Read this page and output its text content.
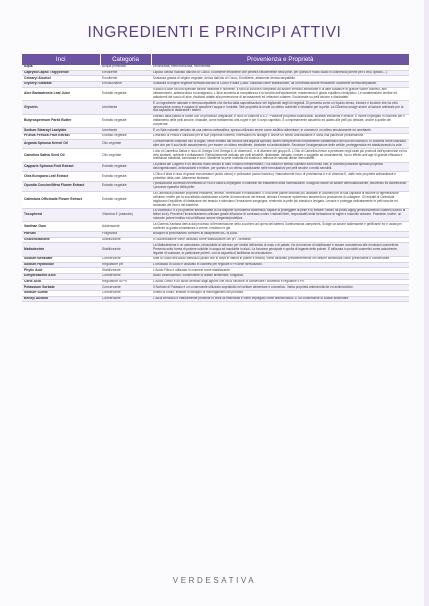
INGREDIENTI E PRINCIPI ATTIVI
Inci	Categoria	Provenienza e Proprietà
Aqua	Acqua purificata	Deionizzata, elettroionizzata, microfiltrata.
Caprylic/Capric Triglyceride	Emolliente	Liquido oleoso ricavato dall'olio di Cocco. Eccellente emolliente che penetra velocemente nella pelle, per questo è molto usato in cosmetica (creme per il viso, lipstick,...).
Cetearyl Alcohol	Emolliente	Sostanza grassa di origine vegetale, deriva dall'olio di Cocco. Emolliente, altamente dermocompatibile.
Glyceryl Stearate	Emulsionante	Sostanza di origine vegetale derivata dall'olio di Cocco e dalla Colza. Utilizzato come stabilizzante, ha un'elevata azione emolliente. Altamente dermocompatibile.
Aloe Barbadensis Leaf Juice	Estratto vegetale	Il succo d'Aloe ha una speciale azione idratante e nutriente, il ricco di zuccheri complessi ad azione immuno-stimolante e di altre sostanze di grande valore nutritivo, anti infiammatorio, antimicrobico ed analgesico. L'Aloe aumenta la compattezza e la tonicità dell'epidermide, mantenendo il giusto equilibrio idrolipidico. Le caratteristiche lenitive ed addolcenti del succo di aloe, risultano adatte alla prevenzione di arrossamenti ed irritazioni cutanee. Ecolzionale su pelli secche e disidratate.
Glycerin	Umettante	È un ingrediente naturale e dermocompatibile che deriva dalla saponificazione dei trigliceridi degli oli vegetali. Si presenta come un liquido denso, inodore e incolore che ha virtù igroscopiche ovvero è capace di assorbire l'acqua e l'umidità. Tale proprietà la rende un ottimo nutriente e idratante per la pelle. La Glicerina svolge anche un'azione antivirale per la sua capacità di disidratare i batteri.
Butyrospermum Parkii Butter	Estratto vegetale	Estratto dalla pianta di Karitè con un processo artigianale, è ricco di vitamine A-E-F. Possiede proprietà cicatrizzanti, idratanti emollienti e lenitive. È inoltre impiegato in cosmesi per il trattamento delle pelli secche, rilassate, come trattamento anti-rughe e per il corpo capelluto. È completamente assorbito ed adatto alle pelli più delicate, anche a quelle del cuoperose.
Sodium Stearoyl Lactylate	Umettante	È un Sale naturale derivato da una catena carbossilica; spesso utilizzato anche come additivo alimentare; in cosmesi è un ottimo emulsionante ed umettante.
Prunus Persica Fruit Extract	Estratto vegetale	L'estratto di Pesca è utilizzato per le sue proprietà nutrienti, rinfrescanti ed antiage È anche un ottimo antiossidante e dona una piacevole profumazione.
Argania Spinosa Kernel Oil	Olio vegetale	Comunemente chiamato olio di Argan, viene estratto dai noccioli dell'argania spinosa, albero sempreverde notoriamente caratteristico del sud del Marocco. In cosmesi viene utilizzato, oltre che per il suo facile assorbimento, per essere un ottimo emolliente, idratante ed antiossidante. Favorisce l'ossigenazione delle cellule, proteggendole ed elasticizzando la cute.
Camelina Sativa Seed Oil	Olio vegetale	L'olio di Camelina Sativa è ricco di Omega 3 ed Omega 6, di vitamina E, e di vitamine del gruppo B. L'Olio di Camelina riesce a penetrare negli strati più profondi dell'epidermide ed ha virtù idratanti, nutrienti e rivitalizzanti. Particolarmente indicato per pelli sensibili, disidratate, delicate, mature o soggette ad arrossamenti, ha un effetto anti age di grande efficacia e restituisce elasticità, luminosità e tono. Mantiene la pelle morbida ed elastica e rafforza le naturali difese immunitarie.
Capparis Spinosa Fruit Extract	Estratto vegetale	La pianta del Cappero è un arbusto molto diffuso in tutto il bacino mediterraneo, i cui utilizzi in ambito culinario sono molto noti; in cosmesi possiede speciali proprietà decongestionanti, antiossidanti e lenitive, per questo è un ottimo coadiuvante nelle formulazioni per pelli secche o molto sensibili.
Olea Europaea Leaf Extract	Estratto vegetale	L'Olivo d'oliva è ricco di grassi monoinsaturi (acido oleico) e polinsaturi (acido linoleico). Naturalmente ricco di provitamina A e di vitamina E, dalle note proprietà antiossidanti e protettive della cute. Altamente idratante.
Opuntia Coccinellifera Flower Extract	Estratto vegetale	I polisaccaridi contenuti nell'estratto di Fico d'India si impiegano in cosmesi nei trattamenti della normalizzanti. Svolgono inoltre un'azione dermoaddolcente, favorendo ed accelerando i processi riparativi della pelle.
Calendula Officinalis Flower Extract	Estratto vegetale	La Calendula possiede proprietà emollienti, lenitive, rinfrescanti e rivitalizzanti. È una delle piante officinali più utilizzate in cosmesi per la sua capacità di favorire la rigenerazione cellulare; inoltre per la sua attività cicatrizzante a livello di microcircolo dei tessuti, stimola il turnover epidermico favorendo la produzione di collagene. Gli estratti di Calendula migliorano l'equilibrio di idratazione del tessuto e stimolano l'irrorazione sanguigna, rendendo la pelle più elastica e levigata. Lenisce e protegge delicatamente le pelli secche ed arrossate del viso e del bambino.
Tocopherol	Vitamina E (naturale)	La Vitamina E è il più potente antiossidante di cui dispone la moderna cosmetica; capace di proteggere la pelle e di limitare i danni da photo-aging (invecchiamento cutaneo dovuto ai fattori luce). Previene l'invecchiamento cellulare grazie all'azione di contrasto contro i radicali liberi, responsabili della formazione di rughe e macchie cutanee. Possiede, inoltre, un notevole potere lenitivo ed un'efficace azione rilegante/protettiva.
Xanthan Gum	Addensante	La Gomma Xantana deriva dal processo di fermentazione dello zucchero ad opera del batterio Xanthomonas campestris. Svolge un'azione addensante e gelificante ed è usata per conferire la giusta consistenza a creme, emulsioni e gel.
Parfum	Fragranza	Bouquet di profumazioni conformi al disciplinare IBC di AIAB.
Gluconolactone	Stabilizzante	Il Gluconolattone viene utilizzato come stabilizzatore del pH - Idratante.
Maltodextrin	Stabilizzante	La Maltodestrina è un carboidrato, idrosolubile al ottenuto per idrolisi dell'amido di mais o di patate. Ha la funzione di stabilizzare e dosare consistenza alle emulsioni cosmetiche. Presenta sotto forma di polvere solubile in acqua ed insolubile in alcol. La funzione principale è quella di legante delle polveri. È utilizzata in prodotti cosmetici come adsorbente, legante di sostanze, in particolare polveri, con la capacità di facilitarne la veicolazione.
Sodium Benzoate	Conservante	Sale di Sodio dell'Acido Benzoico (acido che si trova in natura in piante e resina), viene utilizzato prevalentemente nel settore alimentare come preservante e conservante.
Sodium Hydroxide	Regolatore pH	L'Idrossido di Sodio è utilizzato in cosmesi per regolare il Ph delle formulazioni.
Phytic Acid	Stabilizzante	L'Acido Fitico è utilizzato in cosmesi come stabilizzante.
Dehydroacetic Acid	Conservante	Acido Deidroacetico: conservante di classe alimentare, fungicida.
Citric Acid	Regolatore di Ph	L'Acido Citrico è un acido derivato dagli agrumi che ha la funzione di conservare i cosmetici e regolarne il Ph.
Potassium Sorbate	Conservante	Il Sorbato di Potassio è un conservante utilizzato soprattutto nel settore alimentare e cosmetico. Vanta proprietà antimicrobiche ed antimicotiche.
Sodium Sulfite	Conservante	Solfito di Sodio, inibisce lo sviluppo di microrganismi nel prodotto.
Benzyl Alcohol	Conservante	L'Alcol Benzilico è naturalmente presente in molti oli essenziali e viene impiegato come antimicrobico. È un conservante di classe alimentare.
VERDESATIVA
